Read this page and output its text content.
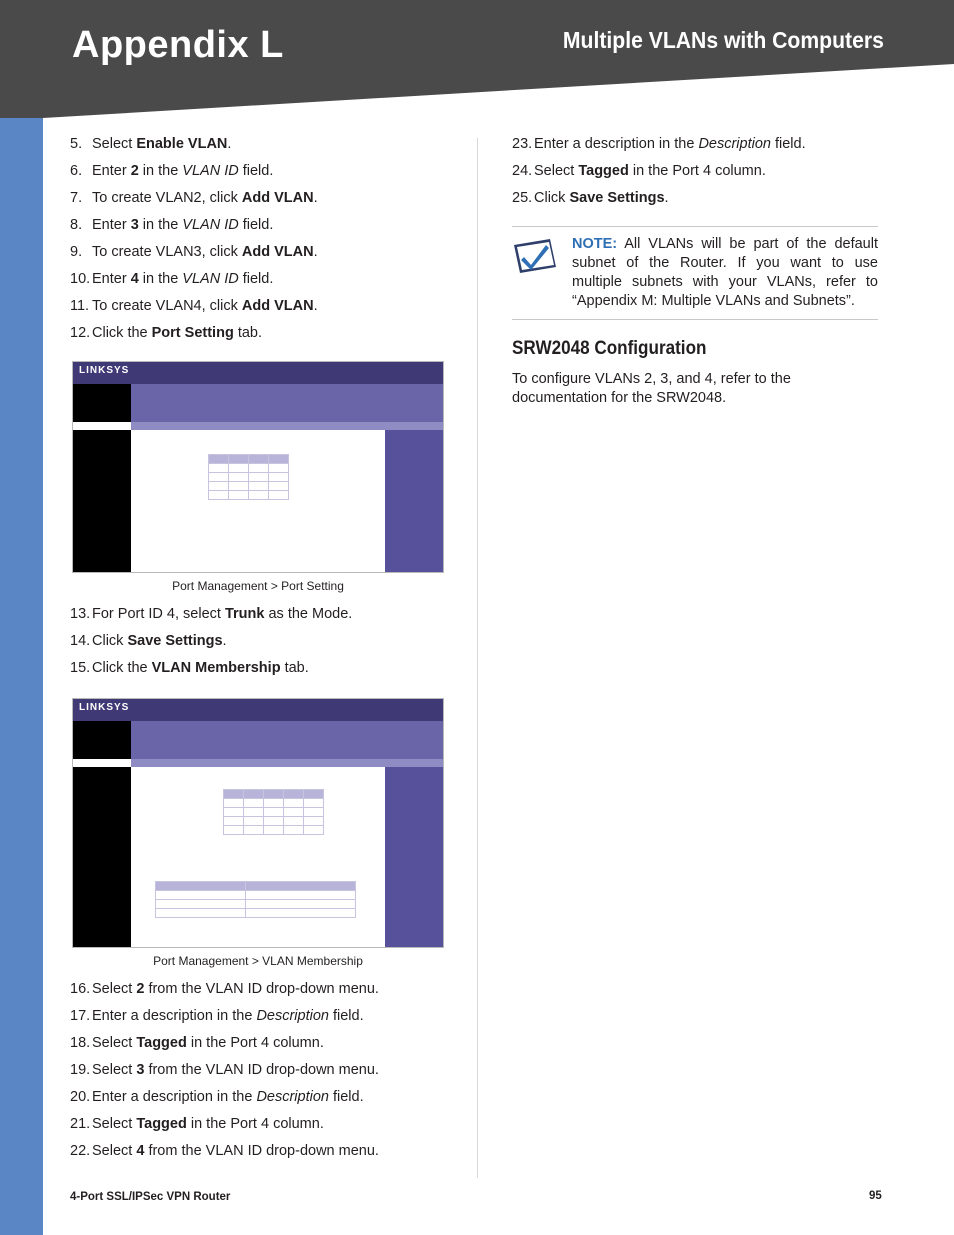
Appendix L	Multiple VLANs with Computers
5. Select Enable VLAN.
6. Enter 2 in the VLAN ID field.
7. To create VLAN2, click Add VLAN.
8. Enter 3 in the VLAN ID field.
9. To create VLAN3, click Add VLAN.
10. Enter 4 in the VLAN ID field.
11. To create VLAN4, click Add VLAN.
12. Click the Port Setting tab.
LINKSYS

Port Management > Port Setting
13. For Port ID 4, select Trunk as the Mode.
14. Click Save Settings.
15. Click the VLAN Membership tab.
LINKSYS

Port Management > VLAN Membership
16. Select 2 from the VLAN ID drop-down menu.
17. Enter a description in the Description field.
18. Select Tagged in the Port 4 column.
19. Select 3 from the VLAN ID drop-down menu.
20. Enter a description in the Description field.
21. Select Tagged in the Port 4 column.
22. Select 4 from the VLAN ID drop-down menu.
23. Enter a description in the Description field.
24. Select Tagged in the Port 4 column.
25. Click Save Settings.

NOTE: All VLANs will be part of the default subnet of the Router. If you want to use multiple subnets with your VLANs, refer to “Appendix M: Multiple VLANs and Subnets”.

SRW2048 Configuration
To configure VLANs 2, 3, and 4, refer to the documentation for the SRW2048.
4-Port SSL/IPSec VPN Router	95
